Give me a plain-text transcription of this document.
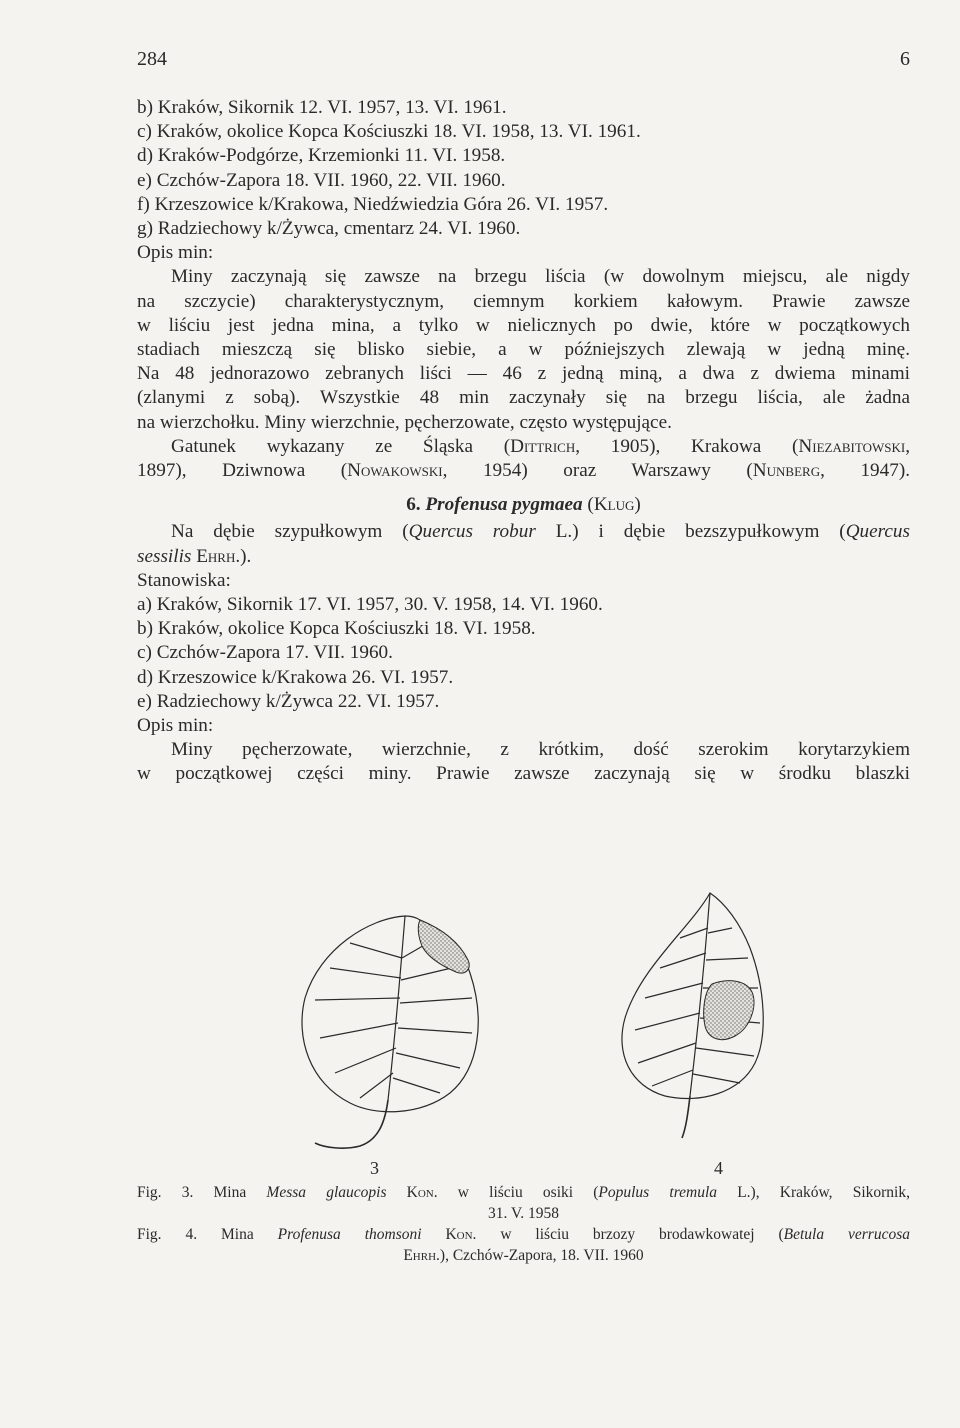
284	6
b) Kraków, Sikornik 12. VI. 1957, 13. VI. 1961.
c) Kraków, okolice Kopca Kościuszki 18. VI. 1958, 13. VI. 1961.
d) Kraków-Podgórze, Krzemionki 11. VI. 1958.
e) Czchów-Zapora 18. VII. 1960, 22. VII. 1960.
f) Krzeszowice k/Krakowa, Niedźwiedzia Góra 26. VI. 1957.
g) Radziechowy k/Żywca, cmentarz 24. VI. 1960.
Opis min:
Miny zaczynają się zawsze na brzegu liścia (w dowolnym miejscu, ale nigdy
na szczycie) charakterystycznym, ciemnym korkiem kałowym. Prawie zawsze
w liściu jest jedna mina, a tylko w nielicznych po dwie, które w początkowych
stadiach mieszczą się blisko siebie, a w późniejszych zlewają w jedną minę.
Na 48 jednorazowo zebranych liści — 46 z jedną miną, a dwa z dwiema minami
(zlanymi z sobą). Wszystkie 48 min zaczynały się na brzegu liścia, ale żadna
na wierzchołku. Miny wierzchnie, pęcherzowate, często występujące.
Gatunek wykazany ze Śląska (Dittrich, 1905), Krakowa (Niezabitowski,
1897), Dziwnowa (Nowakowski, 1954) oraz Warszawy (Nunberg, 1947).
6. Profenusa pygmaea (Klug)
Na dębie szypułkowym (Quercus robur L.) i dębie bezszypułkowym (Quercus
sessilis Ehrh.).
Stanowiska:
a) Kraków, Sikornik 17. VI. 1957, 30. V. 1958, 14. VI. 1960.
b) Kraków, okolice Kopca Kościuszki 18. VI. 1958.
c) Czchów-Zapora 17. VII. 1960.
d) Krzeszowice k/Krakowa 26. VI. 1957.
e) Radziechowy k/Żywca 22. VI. 1957.
Opis min:
Miny pęcherzowate, wierzchnie, z krótkim, dość szerokim korytarzykiem
w początkowej części miny. Prawie zawsze zaczynają się w środku blaszki
3	4
Fig. 3. Mina Messa glaucopis Kon. w liściu osiki (Populus tremula L.), Kraków, Sikornik,
31. V. 1958
Fig. 4. Mina Profenusa thomsoni Kon. w liściu brzozy brodawkowatej (Betula verrucosa
Ehrh.), Czchów-Zapora, 18. VII. 1960
